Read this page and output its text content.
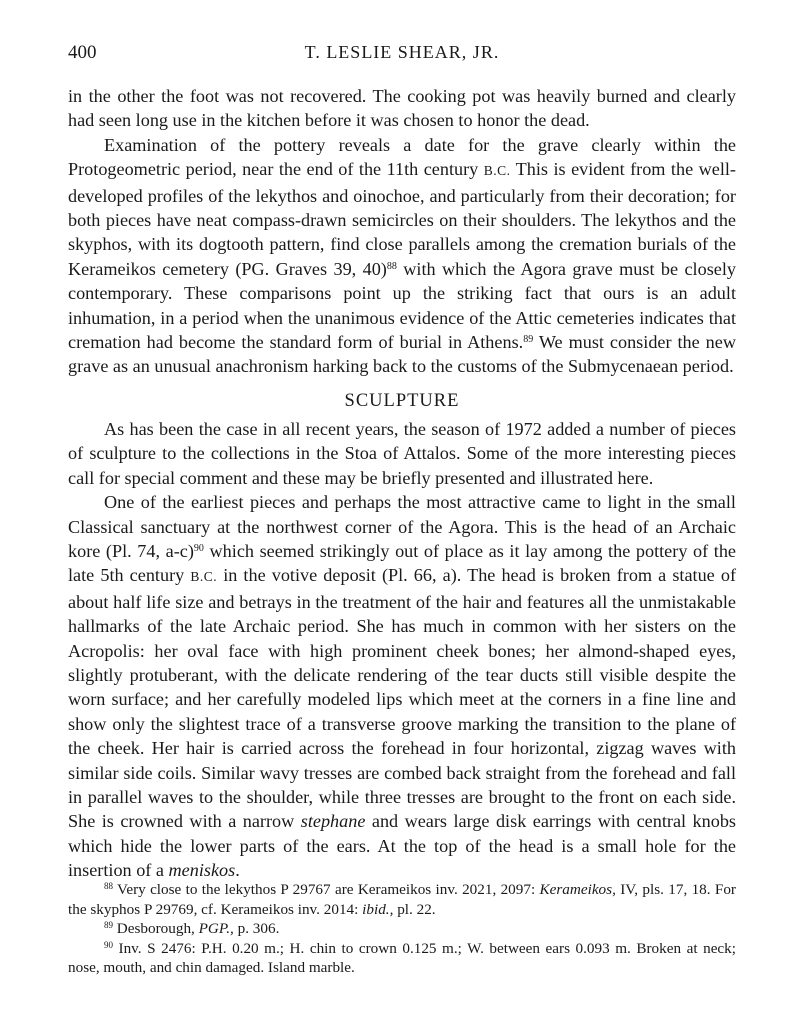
400	T. LESLIE SHEAR, JR.

in the other the foot was not recovered. The cooking pot was heavily burned and clearly had seen long use in the kitchen before it was chosen to honor the dead.

Examination of the pottery reveals a date for the grave clearly within the Protogeometric period, near the end of the 11th century B.C. This is evident from the well-developed profiles of the lekythos and oinochoe, and particularly from their decoration; for both pieces have neat compass-drawn semicircles on their shoulders. The lekythos and the skyphos, with its dogtooth pattern, find close parallels among the cremation burials of the Kerameikos cemetery (PG. Graves 39, 40)$^{88}$ with which the Agora grave must be closely contemporary. These comparisons point up the striking fact that ours is an adult inhumation, in a period when the unanimous evidence of the Attic cemeteries indicates that cremation had become the standard form of burial in Athens.$^{89}$ We must consider the new grave as an unusual anachronism harking back to the customs of the Submycenaean period.

SCULPTURE

As has been the case in all recent years, the season of 1972 added a number of pieces of sculpture to the collections in the Stoa of Attalos. Some of the more interesting pieces call for special comment and these may be briefly presented and illustrated here.

One of the earliest pieces and perhaps the most attractive came to light in the small Classical sanctuary at the northwest corner of the Agora. This is the head of an Archaic kore (Pl. 74, a-c)$^{90}$ which seemed strikingly out of place as it lay among the pottery of the late 5th century B.C. in the votive deposit (Pl. 66, a). The head is broken from a statue of about half life size and betrays in the treatment of the hair and features all the unmistakable hallmarks of the late Archaic period. She has much in common with her sisters on the Acropolis: her oval face with high prominent cheek bones; her almond-shaped eyes, slightly protuberant, with the delicate rendering of the tear ducts still visible despite the worn surface; and her carefully modeled lips which meet at the corners in a fine line and show only the slightest trace of a transverse groove marking the transition to the plane of the cheek. Her hair is carried across the forehead in four horizontal, zigzag waves with similar side coils. Similar wavy tresses are combed back straight from the forehead and fall in parallel waves to the shoulder, while three tresses are brought to the front on each side. She is crowned with a narrow stephane and wears large disk earrings with central knobs which hide the lower parts of the ears. At the top of the head is a small hole for the insertion of a meniskos.

$^{88}$ Very close to the lekythos P 29767 are Kerameikos inv. 2021, 2097: Kerameikos, IV, pls. 17, 18. For the skyphos P 29769, cf. Kerameikos inv. 2014: ibid., pl. 22.

$^{89}$ Desborough, PGP., p. 306.

$^{90}$ Inv. S 2476: P.H. 0.20 m.; H. chin to crown 0.125 m.; W. between ears 0.093 m. Broken at neck; nose, mouth, and chin damaged. Island marble.
